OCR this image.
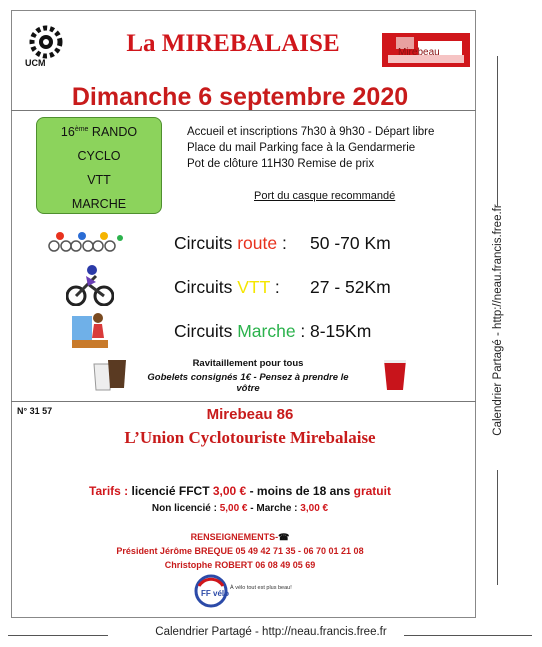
UCM
La MIREBALAISE	Mirebeau
Dimanche 6 septembre 2020
16ème RANDO
CYCLO
VTT
MARCHE
Accueil et inscriptions 7h30 à 9h30 - Départ libre
Place du mail Parking face à la Gendarmerie
Pot de clôture 11H30 Remise de prix
Port du casque recommandé
Circuits route : 50 -70 Km
Circuits VTT : 27 - 52Km
Circuits Marche : 8-15Km
Ravitaillement pour tous
Gobelets consignés 1€ - Pensez à prendre le vôtre
N° 31 57	Mirebeau 86
L’Union Cyclotouriste Mirebalaise
Tarifs : licencié FFCT 3,00 € - moins de 18 ans gratuit
Non licencié : 5,00 € - Marche : 3,00 €
RENSEIGNEMENTS-☎
Président Jérôme BREQUE 05 49 42 71 35 - 06 70 01 21 08
Christophe ROBERT 06 08 49 05 69
FF vélo
À vélo tout est plus beau!
Calendrier Partagé - http://neau.francis.free.fr
Calendrier Partagé - http://neau.francis.free.fr
